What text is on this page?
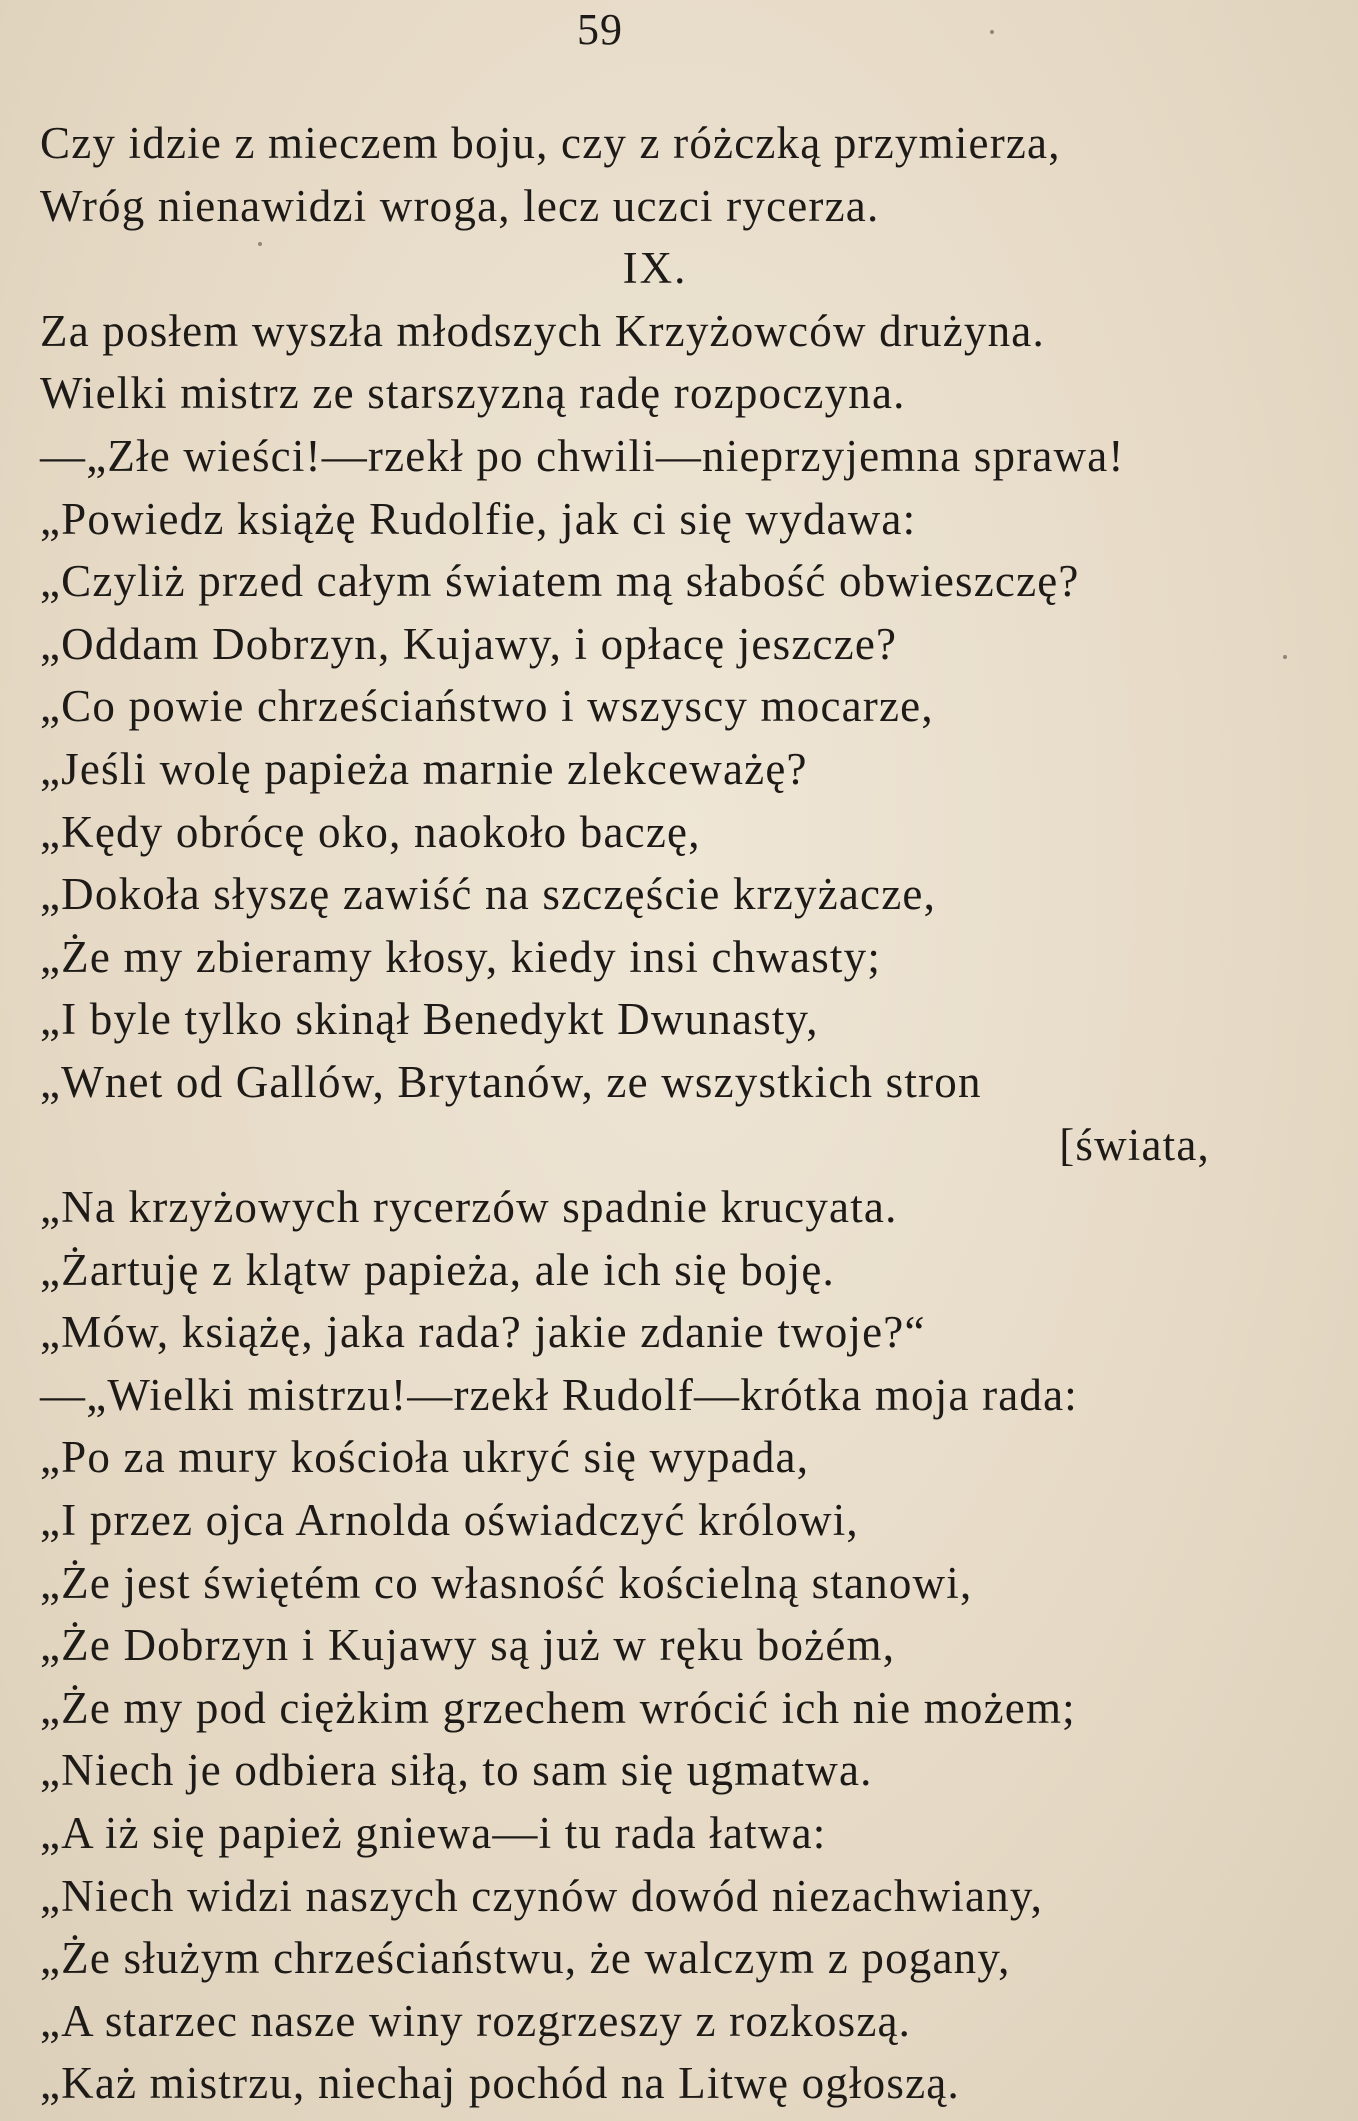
59
Czy idzie z mieczem boju, czy z różczką przymierza,
Wróg nienawidzi wroga, lecz uczci rycerza.
IX.
Za posłem wyszła młodszych Krzyżowców drużyna.
Wielki mistrz ze starszyzną radę rozpoczyna.
—„Złe wieści!—rzekł po chwili—nieprzyjemna sprawa!
„Powiedz książę Rudolfie, jak ci się wydawa:
„Czyliż przed całym światem mą słabość obwieszczę?
„Oddam Dobrzyn, Kujawy, i opłacę jeszcze?
„Co powie chrześciaństwo i wszyscy mocarze,
„Jeśli wolę papieża marnie zlekceważę?
„Kędy obrócę oko, naokoło baczę,
„Dokoła słyszę zawiść na szczęście krzyżacze,
„Że my zbieramy kłosy, kiedy insi chwasty;
„I byle tylko skinął Benedykt Dwunasty,
„Wnet od Gallów, Brytanów, ze wszystkich stron
[świata,
„Na krzyżowych rycerzów spadnie krucyata.
„Żartuję z klątw papieża, ale ich się boję.
„Mów, książę, jaka rada? jakie zdanie twoje?“
—„Wielki mistrzu!—rzekł Rudolf—krótka moja rada:
„Po za mury kościoła ukryć się wypada,
„I przez ojca Arnolda oświadczyć królowi,
„Że jest świętém co własność kościelną stanowi,
„Że Dobrzyn i Kujawy są już w ręku bożém,
„Że my pod ciężkim grzechem wrócić ich nie możem;
„Niech je odbiera siłą, to sam się ugmatwa.
„A iż się papież gniewa—i tu rada łatwa:
„Niech widzi naszych czynów dowód niezachwiany,
„Że służym chrześciaństwu, że walczym z pogany,
„A starzec nasze winy rozgrzeszy z rozkoszą.
„Każ mistrzu, niechaj pochód na Litwę ogłoszą.
